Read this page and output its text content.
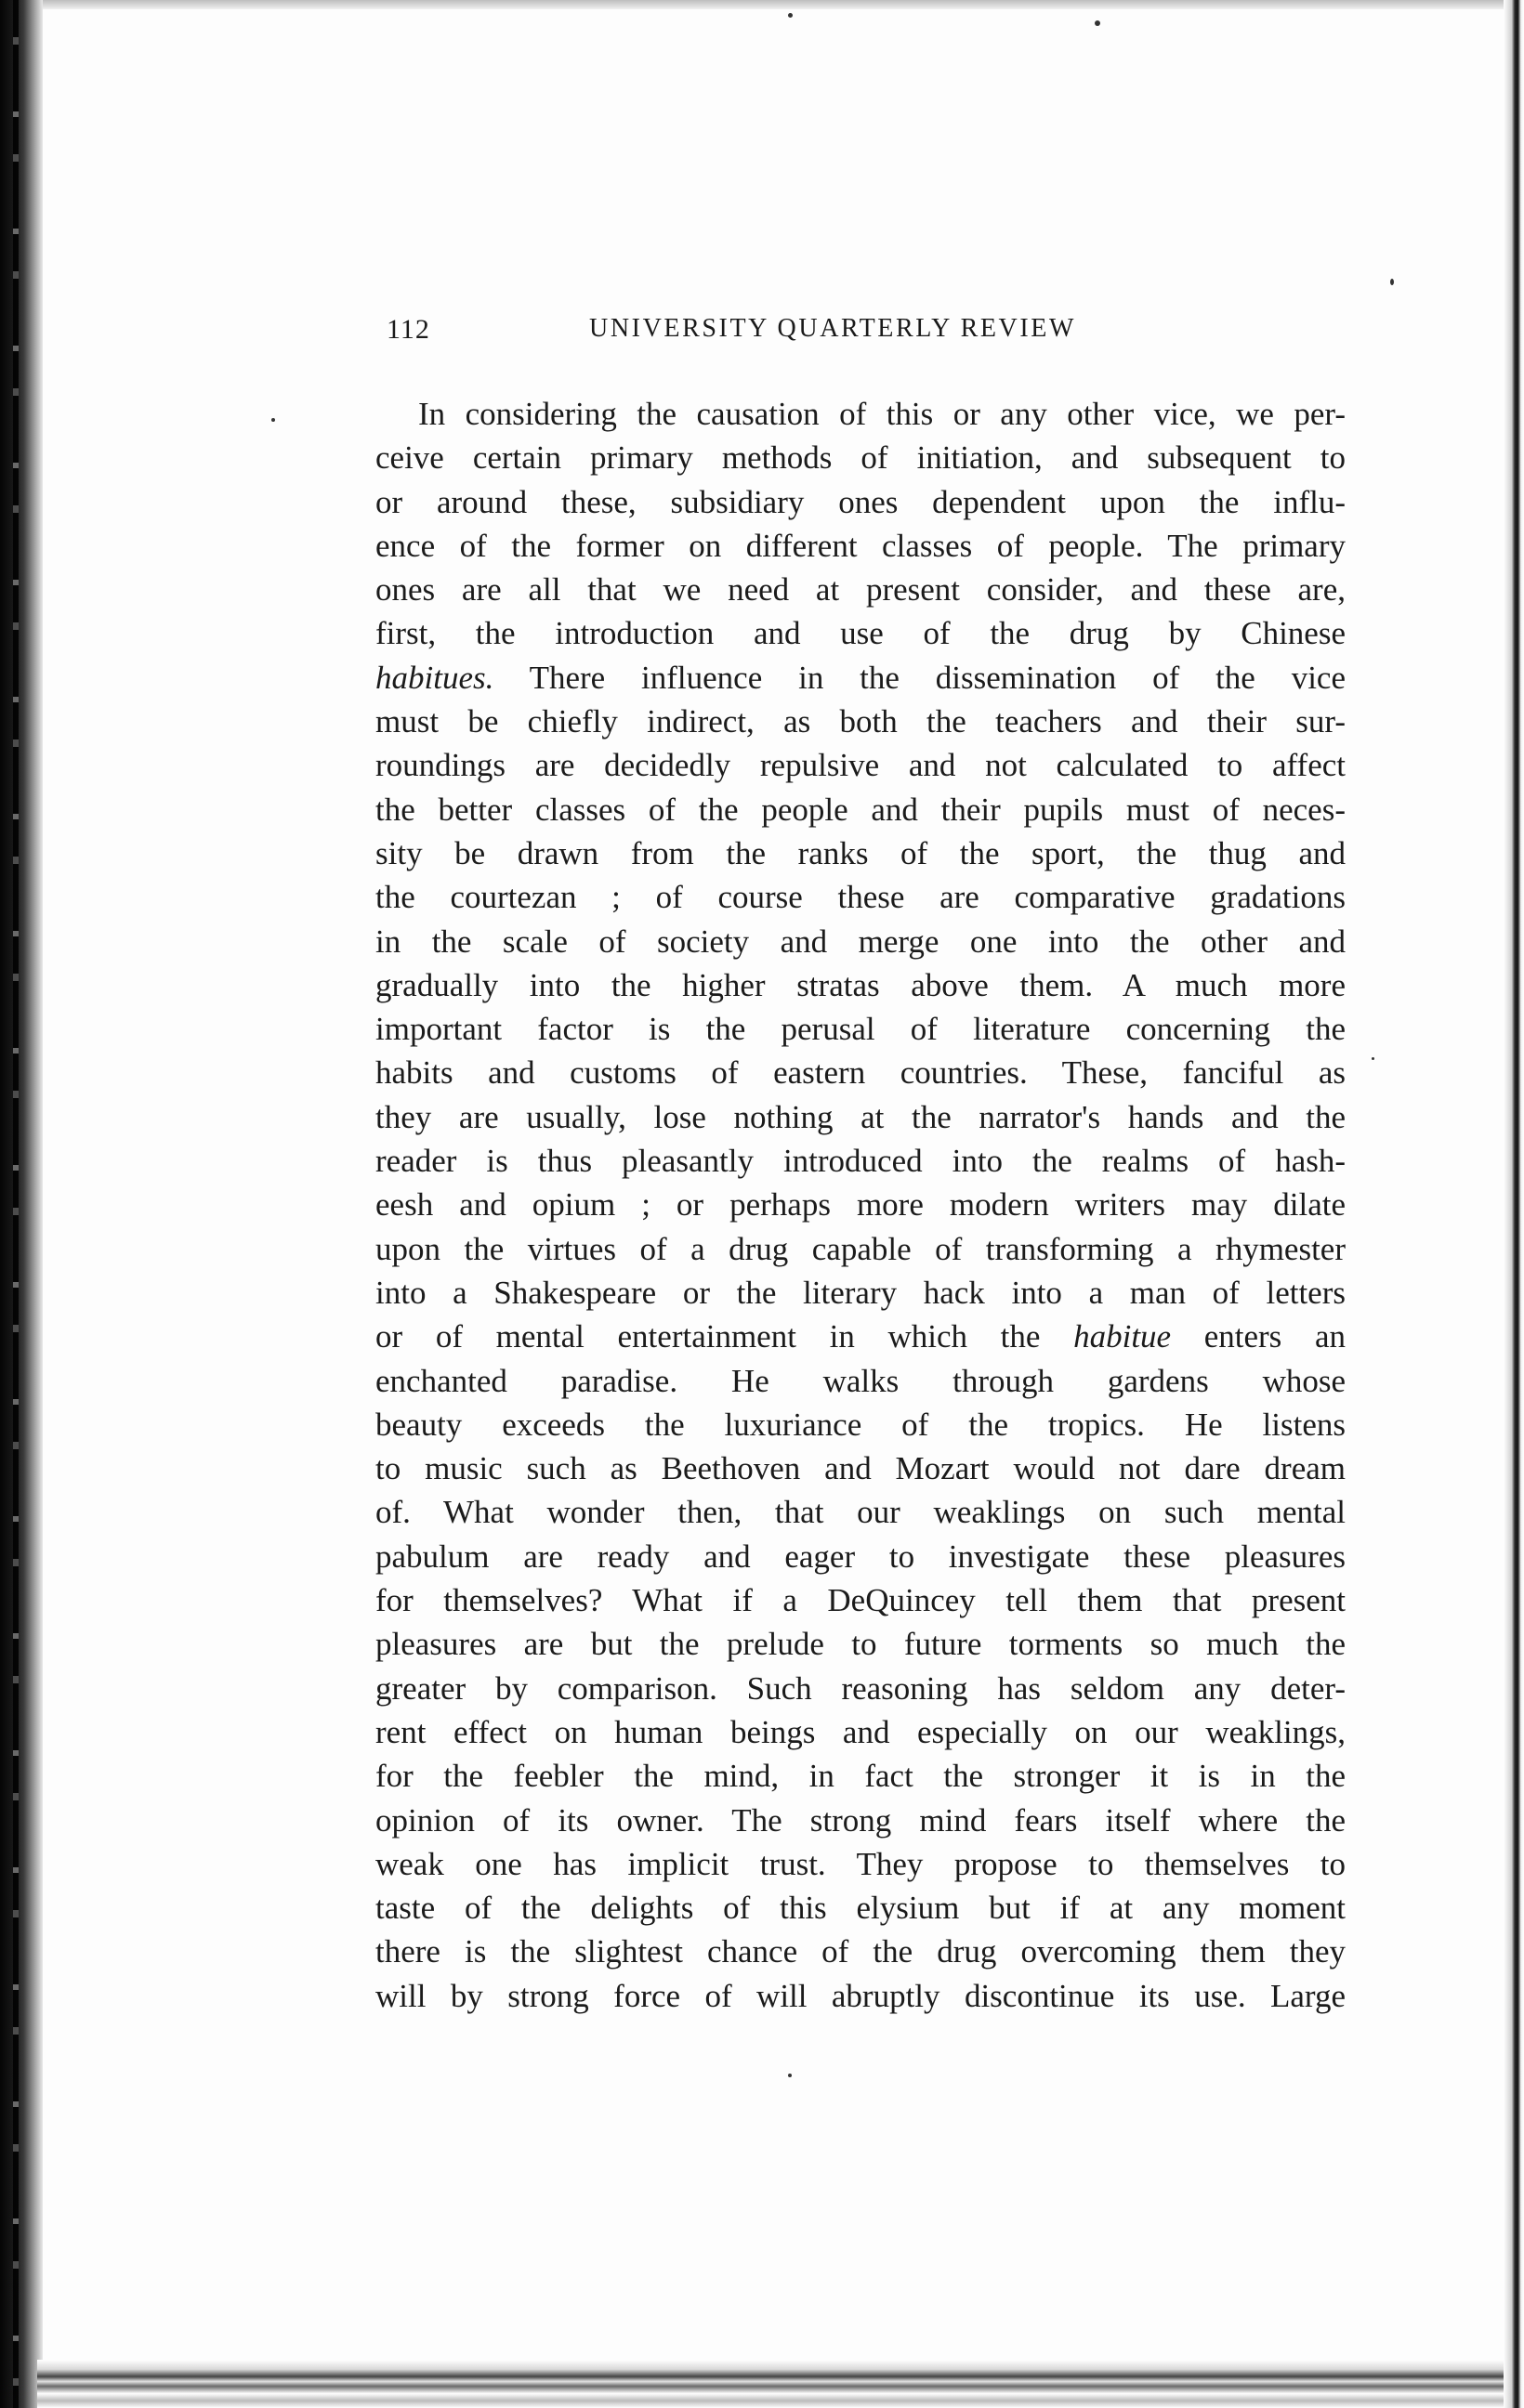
112	UNIVERSITY QUARTERLY REVIEW
In considering the causation of this or any other vice, we per-
ceive certain primary methods of initiation, and subsequent to
or around these, subsidiary ones dependent upon the influ-
ence of the former on different classes of people. The primary
ones are all that we need at present consider, and these are,
first, the introduction and use of the drug by Chinese
habitues. There influence in the dissemination of the vice
must be chiefly indirect, as both the teachers and their sur-
roundings are decidedly repulsive and not calculated to affect
the better classes of the people and their pupils must of neces-
sity be drawn from the ranks of the sport, the thug and
the courtezan ; of course these are comparative gradations
in the scale of society and merge one into the other and
gradually into the higher stratas above them. A much more
important factor is the perusal of literature concerning the
habits and customs of eastern countries. These, fanciful as
they are usually, lose nothing at the narrator's hands and the
reader is thus pleasantly introduced into the realms of hash-
eesh and opium ; or perhaps more modern writers may dilate
upon the virtues of a drug capable of transforming a rhymester
into a Shakespeare or the literary hack into a man of letters
or of mental entertainment in which the habitue enters an
enchanted paradise. He walks through gardens whose
beauty exceeds the luxuriance of the tropics. He listens
to music such as Beethoven and Mozart would not dare dream
of. What wonder then, that our weaklings on such mental
pabulum are ready and eager to investigate these pleasures
for themselves? What if a DeQuincey tell them that present
pleasures are but the prelude to future torments so much the
greater by comparison. Such reasoning has seldom any deter-
rent effect on human beings and especially on our weaklings,
for the feebler the mind, in fact the stronger it is in the
opinion of its owner. The strong mind fears itself where the
weak one has implicit trust. They propose to themselves to
taste of the delights of this elysium but if at any moment
there is the slightest chance of the drug overcoming them they
will by strong force of will abruptly discontinue its use. Large
